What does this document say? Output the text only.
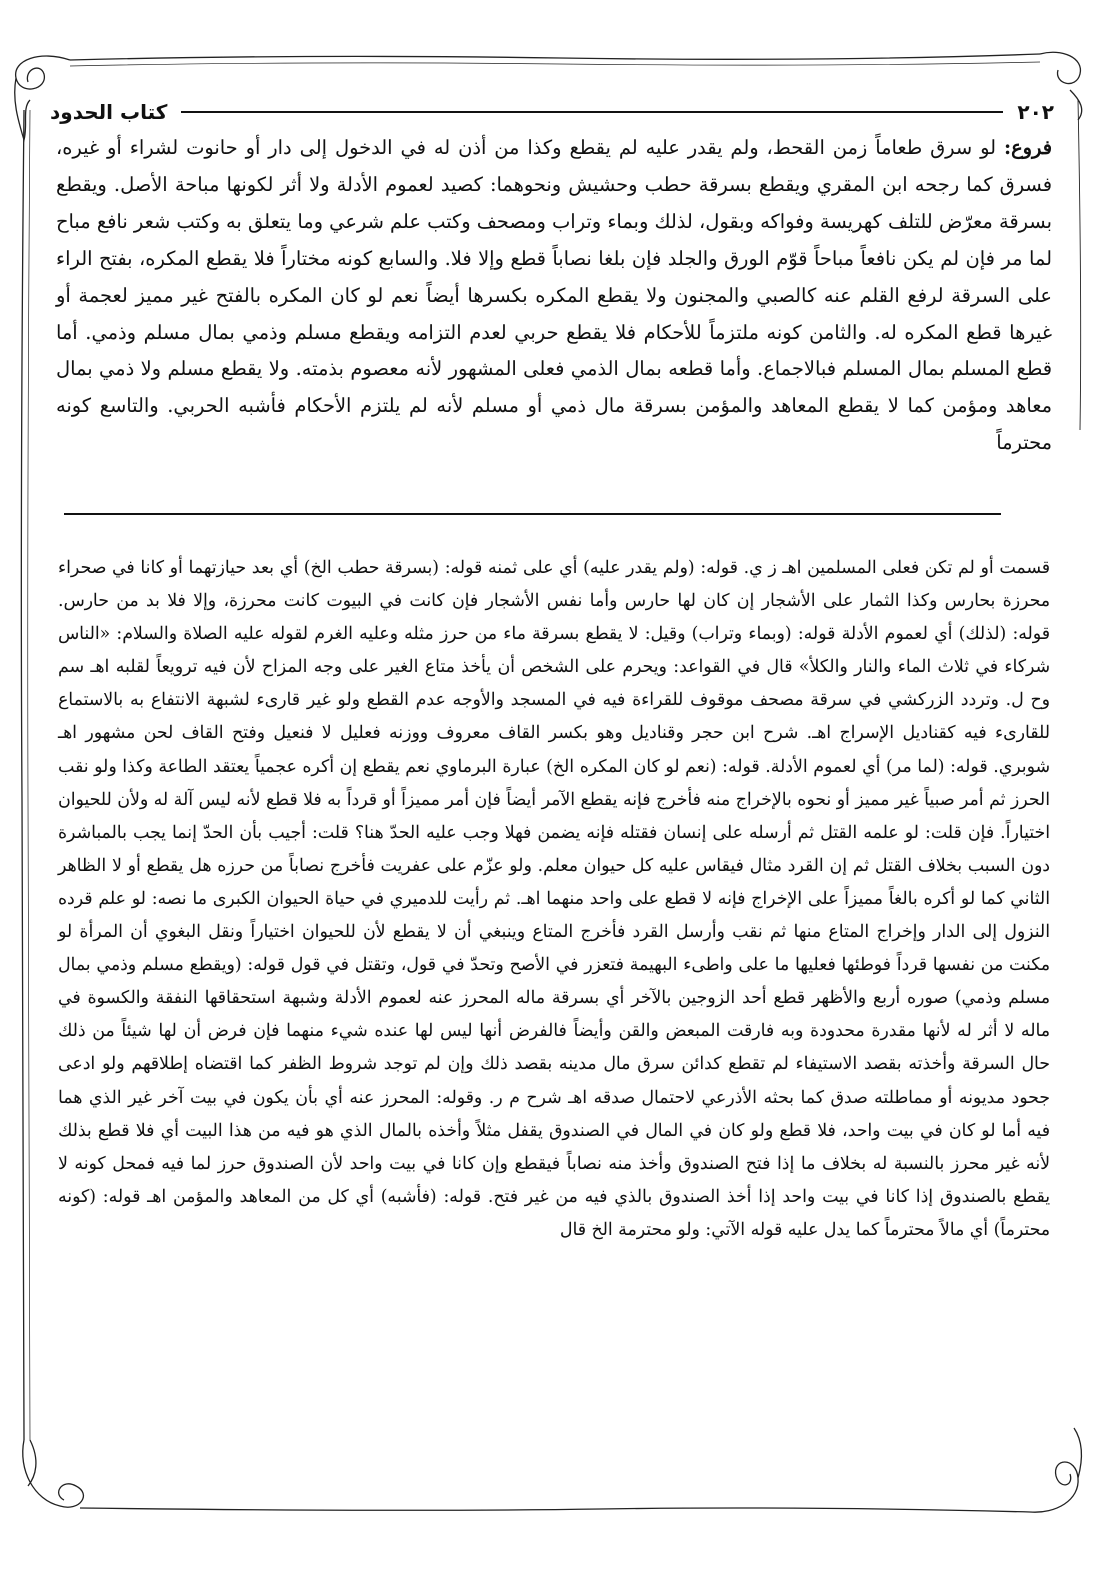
٢٠٢
كتاب الحدود
فروع: لو سرق طعاماً زمن القحط، ولم يقدر عليه لم يقطع وكذا من أذن له في الدخول إلى دار أو حانوت لشراء أو غيره، فسرق كما رجحه ابن المقري ويقطع بسرقة حطب وحشيش ونحوهما: كصيد لعموم الأدلة ولا أثر لكونها مباحة الأصل. ويقطع بسرقة معرّض للتلف كهريسة وفواكه وبقول، لذلك وبماء وتراب ومصحف وكتب علم شرعي وما يتعلق به وكتب شعر نافع مباح لما مر فإن لم يكن نافعاً مباحاً قوّم الورق والجلد فإن بلغا نصاباً قطع وإلا فلا. والسابع كونه مختاراً فلا يقطع المكره، بفتح الراء على السرقة لرفع القلم عنه كالصبي والمجنون ولا يقطع المكره بكسرها أيضاً نعم لو كان المكره بالفتح غير مميز لعجمة أو غيرها قطع المكره له. والثامن كونه ملتزماً للأحكام فلا يقطع حربي لعدم التزامه ويقطع مسلم وذمي بمال مسلم وذمي. أما قطع المسلم بمال المسلم فبالاجماع. وأما قطعه بمال الذمي فعلى المشهور لأنه معصوم بذمته. ولا يقطع مسلم ولا ذمي بمال معاهد ومؤمن كما لا يقطع المعاهد والمؤمن بسرقة مال ذمي أو مسلم لأنه لم يلتزم الأحكام فأشبه الحربي. والتاسع كونه محترماً
قسمت أو لم تكن فعلى المسلمين اهـ ز ي. قوله: (ولم يقدر عليه) أي على ثمنه قوله: (بسرقة حطب الخ) أي بعد حيازتهما أو كانا في صحراء محرزة بحارس وكذا الثمار على الأشجار إن كان لها حارس وأما نفس الأشجار فإن كانت في البيوت كانت محرزة، وإلا فلا بد من حارس. قوله: (لذلك) أي لعموم الأدلة قوله: (وبماء وتراب) وقيل: لا يقطع بسرقة ماء من حرز مثله وعليه الغرم لقوله عليه الصلاة والسلام: «الناس شركاء في ثلاث الماء والنار والكلأ» قال في القواعد: ويحرم على الشخص أن يأخذ متاع الغير على وجه المزاح لأن فيه ترويعاً لقلبه اهـ سم وح ل. وتردد الزركشي في سرقة مصحف موقوف للقراءة فيه في المسجد والأوجه عدم القطع ولو غير قارىء لشبهة الانتفاع به بالاستماع للقارىء فيه كقناديل الإسراج اهـ. شرح ابن حجر وقناديل وهو بكسر القاف معروف ووزنه فعليل لا فنعيل وفتح القاف لحن مشهور اهـ شوبري. قوله: (لما مر) أي لعموم الأدلة. قوله: (نعم لو كان المكره الخ) عبارة البرماوي نعم يقطع إن أكره عجمياً يعتقد الطاعة وكذا ولو نقب الحرز ثم أمر صبياً غير مميز أو نحوه بالإخراج منه فأخرج فإنه يقطع الآمر أيضاً فإن أمر مميزاً أو قرداً به فلا قطع لأنه ليس آلة له ولأن للحيوان اختياراً. فإن قلت: لو علمه القتل ثم أرسله على إنسان فقتله فإنه يضمن فهلا وجب عليه الحدّ هنا؟ قلت: أجيب بأن الحدّ إنما يجب بالمباشرة دون السبب بخلاف القتل ثم إن القرد مثال فيقاس عليه كل حيوان معلم. ولو عزّم على عفريت فأخرج نصاباً من حرزه هل يقطع أو لا الظاهر الثاني كما لو أكره بالغاً مميزاً على الإخراج فإنه لا قطع على واحد منهما اهـ. ثم رأيت للدميري في حياة الحيوان الكبرى ما نصه: لو علم قرده النزول إلى الدار وإخراج المتاع منها ثم نقب وأرسل القرد فأخرج المتاع وينبغي أن لا يقطع لأن للحيوان اختياراً ونقل البغوي أن المرأة لو مكنت من نفسها قرداً فوطئها فعليها ما على واطىء البهيمة فتعزر في الأصح وتحدّ في قول، وتقتل في قول قوله: (ويقطع مسلم وذمي بمال مسلم وذمي) صوره أربع والأظهر قطع أحد الزوجين بالآخر أي بسرقة ماله المحرز عنه لعموم الأدلة وشبهة استحقاقها النفقة والكسوة في ماله لا أثر له لأنها مقدرة محدودة وبه فارقت المبعض والقن وأيضاً فالفرض أنها ليس لها عنده شيء منهما فإن فرض أن لها شيئاً من ذلك حال السرقة وأخذته بقصد الاستيفاء لم تقطع كدائن سرق مال مدينه بقصد ذلك وإن لم توجد شروط الظفر كما اقتضاه إطلاقهم ولو ادعى جحود مديونه أو مماطلته صدق كما بحثه الأذرعي لاحتمال صدقه اهـ شرح م ر. وقوله: المحرز عنه أي بأن يكون في بيت آخر غير الذي هما فيه أما لو كان في بيت واحد، فلا قطع ولو كان في المال في الصندوق يقفل مثلاً وأخذه بالمال الذي هو فيه من هذا البيت أي فلا قطع بذلك لأنه غير محرز بالنسبة له بخلاف ما إذا فتح الصندوق وأخذ منه نصاباً فيقطع وإن كانا في بيت واحد لأن الصندوق حرز لما فيه فمحل كونه لا يقطع بالصندوق إذا كانا في بيت واحد إذا أخذ الصندوق بالذي فيه من غير فتح. قوله: (فأشبه) أي كل من المعاهد والمؤمن اهـ قوله: (كونه محترماً) أي مالاً محترماً كما يدل عليه قوله الآتي: ولو محترمة الخ قال
